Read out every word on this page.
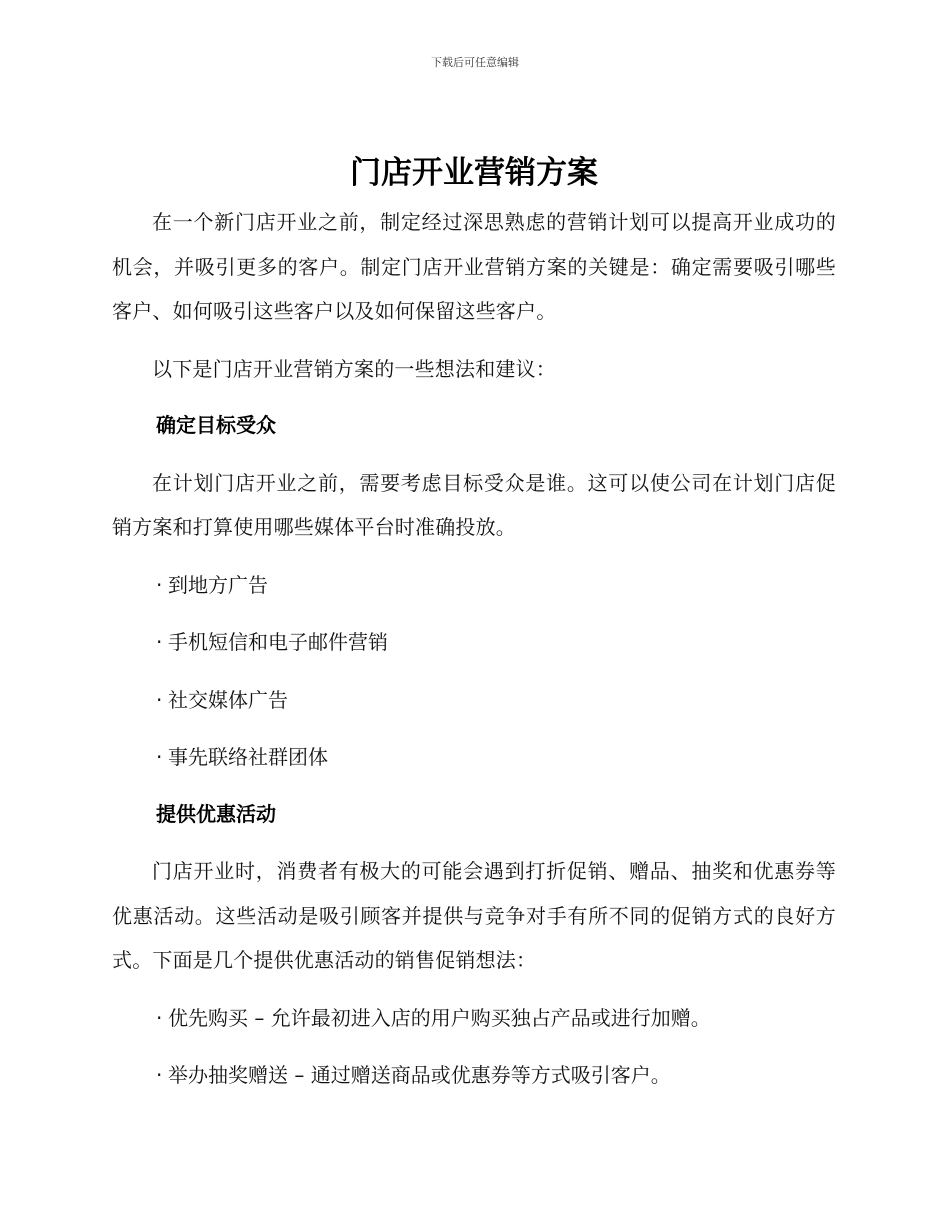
下载后可任意编辑
门店开业营销方案

在一个新门店开业之前，制定经过深思熟虑的营销计划可以提高开业成功的机会，并吸引更多的客户。制定门店开业营销方案的关键是：确定需要吸引哪些客户、如何吸引这些客户以及如何保留这些客户。

以下是门店开业营销方案的一些想法和建议：

确定目标受众

在计划门店开业之前，需要考虑目标受众是谁。这可以使公司在计划门店促销方案和打算使用哪些媒体平台时准确投放。

· 到地方广告
· 手机短信和电子邮件营销
· 社交媒体广告
· 事先联络社群团体
提供优惠活动

门店开业时，消费者有极大的可能会遇到打折促销、赠品、抽奖和优惠券等优惠活动。这些活动是吸引顾客并提供与竞争对手有所不同的促销方式的良好方式。下面是几个提供优惠活动的销售促销想法：

· 优先购买 – 允许最初进入店的用户购买独占产品或进行加赠。
· 举办抽奖赠送 – 通过赠送商品或优惠券等方式吸引客户。
